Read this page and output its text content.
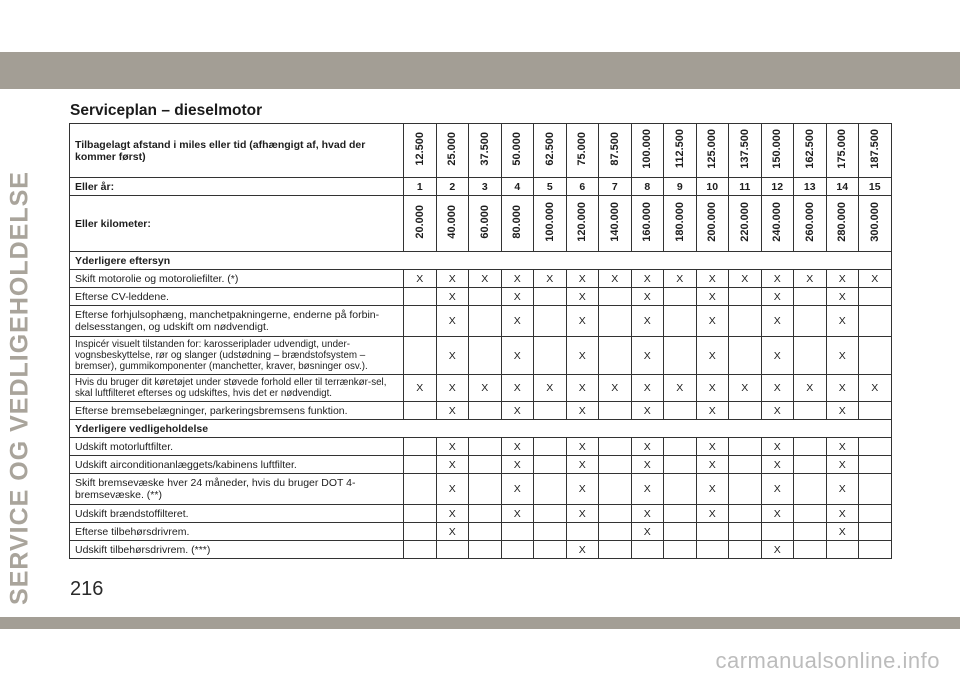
SERVICE OG VEDLIGEHOLDELSE
Serviceplan – dieselmotor
Tilbagelagt afstand i miles eller tid (afhængigt af, hvad der kommer først)	12.500	25.000	37.500	50.000	62.500	75.000	87.500	100.000	112.500	125.000	137.500	150.000	162.500	175.000	187.500
Eller år:	1	2	3	4	5	6	7	8	9	10	11	12	13	14	15
Eller kilometer:	20.000	40.000	60.000	80.000	100.000	120.000	140.000	160.000	180.000	200.000	220.000	240.000	260.000	280.000	300.000
Yderligere eftersyn															
Skift motorolie og motoroliefilter. (*)	X	X	X	X	X	X	X	X	X	X	X	X	X	X	X
Efterse CV-leddene.		X		X		X		X		X		X		X	
Efterse forhjulsophæng, manchetpakningerne, enderne på forbin-delsesstangen, og udskift om nødvendigt.		X		X		X		X		X		X		X	
Inspicér visuelt tilstanden for: karosseriplader udvendigt, under-vognsbeskyttelse, rør og slanger (udstødning – brændstofsystem – bremser), gummikomponenter (manchetter, kraver, bøsninger osv.).		X		X		X		X		X		X		X	
Hvis du bruger dit køretøjet under støvede forhold eller til terrænkør-sel, skal luftfilteret efterses og udskiftes, hvis det er nødvendigt.	X	X	X	X	X	X	X	X	X	X	X	X	X	X	X
Efterse bremsebelægninger, parkeringsbremsens funktion.		X		X		X		X		X		X		X	
Yderligere vedligeholdelse															
Udskift motorluftfilter.		X		X		X		X		X		X		X	
Udskift airconditionanlæggets/kabinens luftfilter.		X		X		X		X		X		X		X	
Skift bremsevæske hver 24 måneder, hvis du bruger DOT 4-bremsevæske. (**)		X		X		X		X		X		X		X	
Udskift brændstoffilteret.		X		X		X		X		X		X		X	
Efterse tilbehørsdrivrem.		X						X						X	
Udskift tilbehørsdrivrem. (***)						X						X			
216
carmanualsonline.info
